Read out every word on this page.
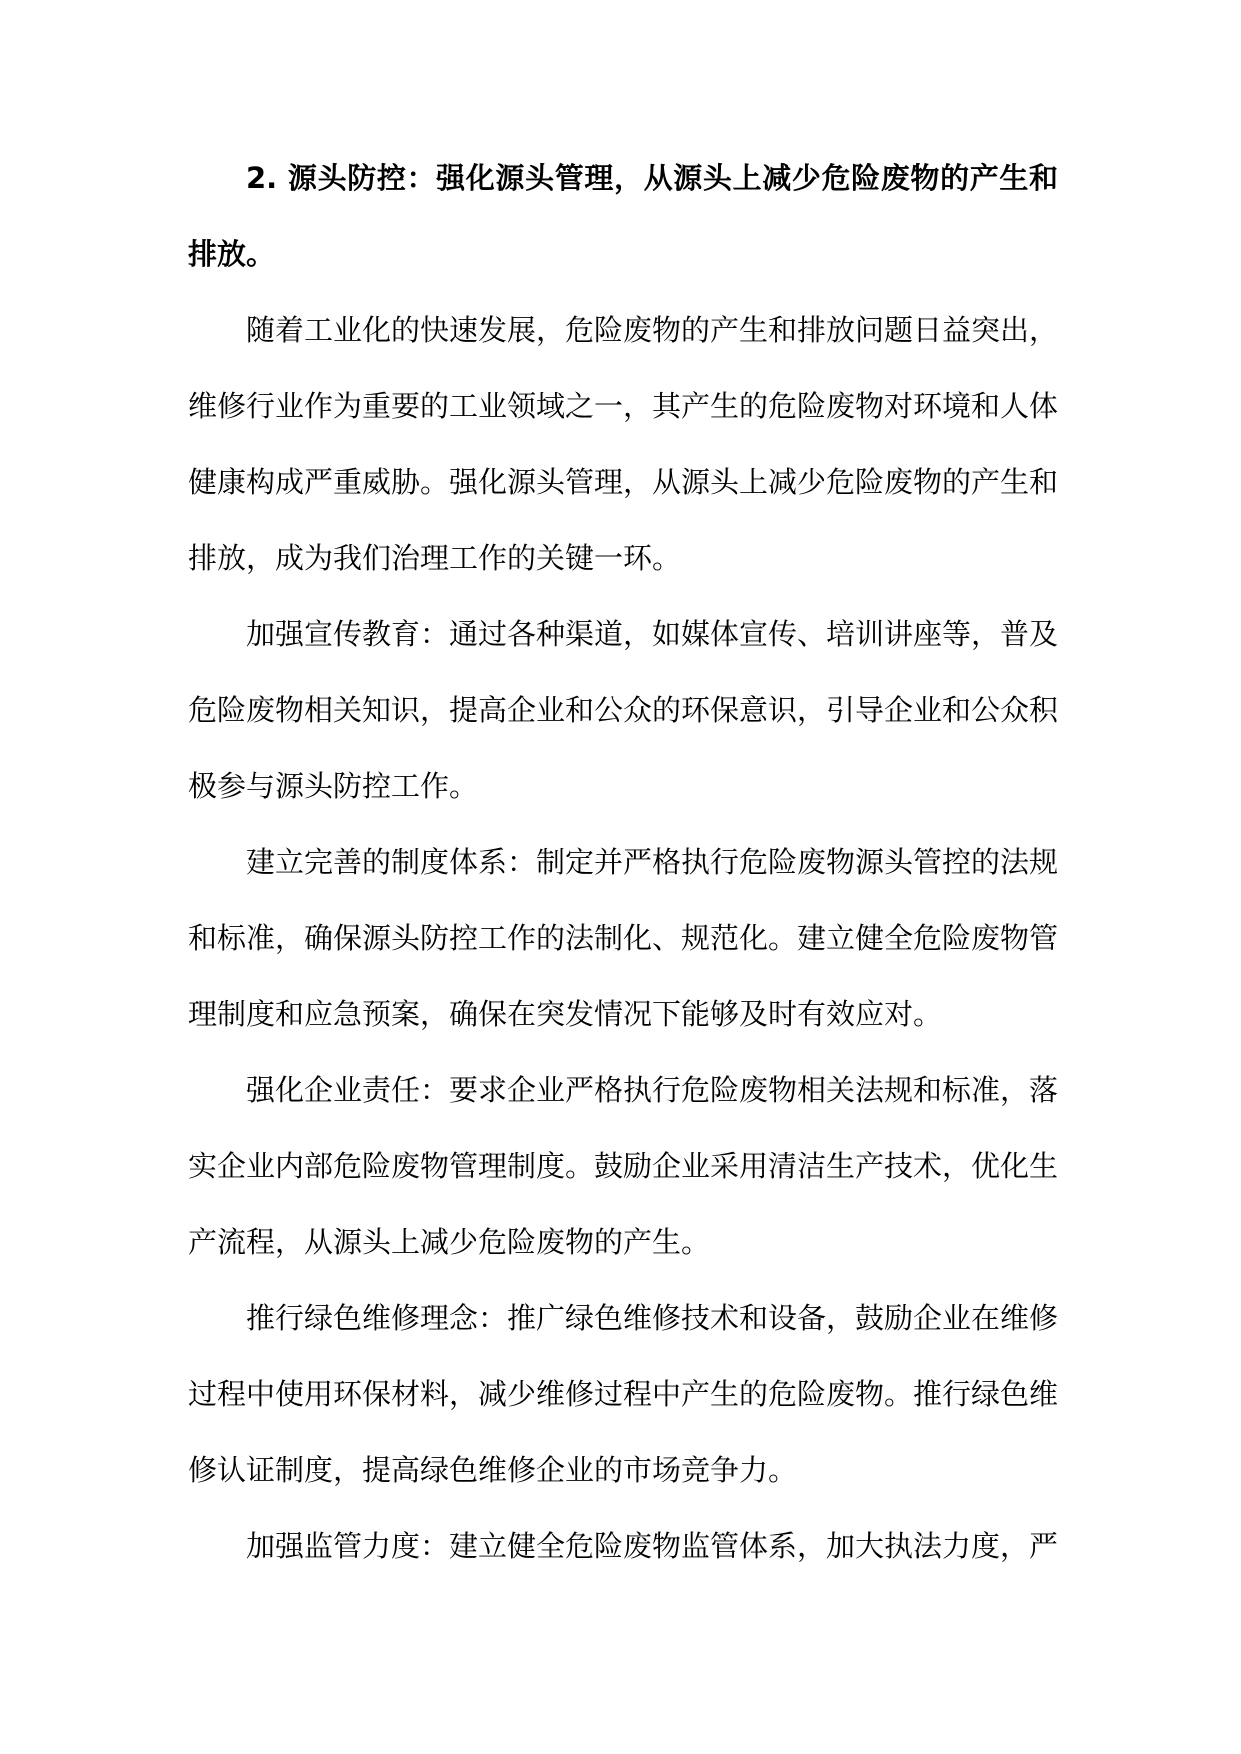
2. 源头防控：强化源头管理，从源头上减少危险废物的产生和排放。

随着工业化的快速发展，危险废物的产生和排放问题日益突出，维修行业作为重要的工业领域之一，其产生的危险废物对环境和人体健康构成严重威胁。强化源头管理，从源头上减少危险废物的产生和排放，成为我们治理工作的关键一环。

加强宣传教育：通过各种渠道，如媒体宣传、培训讲座等，普及危险废物相关知识，提高企业和公众的环保意识，引导企业和公众积极参与源头防控工作。

建立完善的制度体系：制定并严格执行危险废物源头管控的法规和标准，确保源头防控工作的法制化、规范化。建立健全危险废物管理制度和应急预案，确保在突发情况下能够及时有效应对。

强化企业责任：要求企业严格执行危险废物相关法规和标准，落实企业内部危险废物管理制度。鼓励企业采用清洁生产技术，优化生产流程，从源头上减少危险废物的产生。

推行绿色维修理念：推广绿色维修技术和设备，鼓励企业在维修过程中使用环保材料，减少维修过程中产生的危险废物。推行绿色维修认证制度，提高绿色维修企业的市场竞争力。

加强监管力度：建立健全危险废物监管体系，加大执法力度，严
